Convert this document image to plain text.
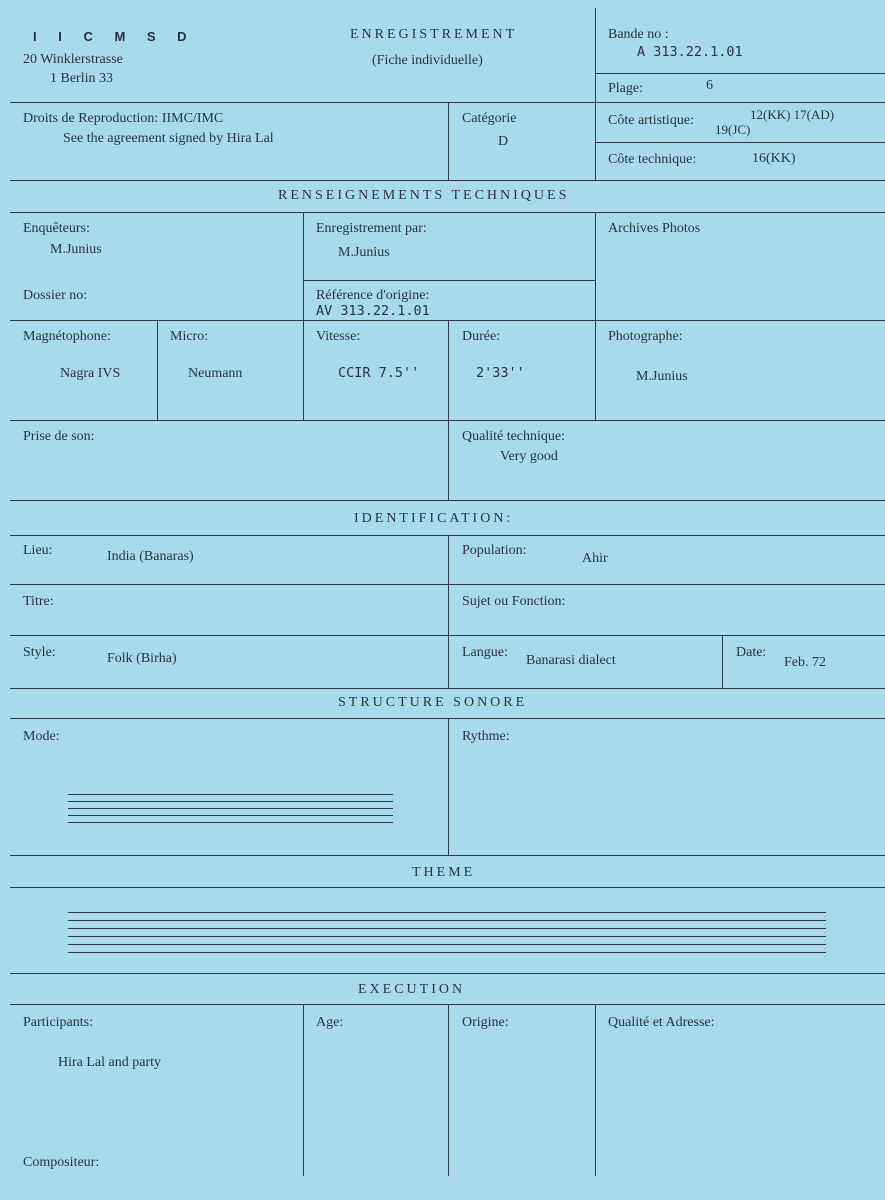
I I C M S D
20 Winklerstrasse
1 Berlin 33
ENREGISTREMENT
(Fiche individuelle)
Bande no :
A 313.22.1.01
Plage:	6
Droits de Reproduction: IIMC/IMC
See the agreement signed by Hira Lal
Catégorie
D
Côte artistique:	12(KK) 17(AD)
19(JC)
Côte technique:	16(KK)
RENSEIGNEMENTS TECHNIQUES
Enquêteurs:
M.Junius
Enregistrement par:
M.Junius
Archives Photos
Dossier no:	Référence d'origine:
AV 313.22.1.01
Magnétophone:
Nagra IVS
Micro:
Neumann
Vitesse:
CCIR 7.5''
Durée:
2'33''
Photographe:
M.Junius
Prise de son:	Qualité technique:
Very good
IDENTIFICATION:
Lieu:	India (Banaras)	Population:
Ahir
Titre:	Sujet ou Fonction:
Style:	Folk (Birha)	Langue:
Banarasi dialect
Date:
Feb. 72
STRUCTURE SONORE
Mode:	Rythme:
THEME
EXECUTION
Participants:
Hira Lal and party
Age:	Origine:	Qualité et Adresse:
Compositeur:
